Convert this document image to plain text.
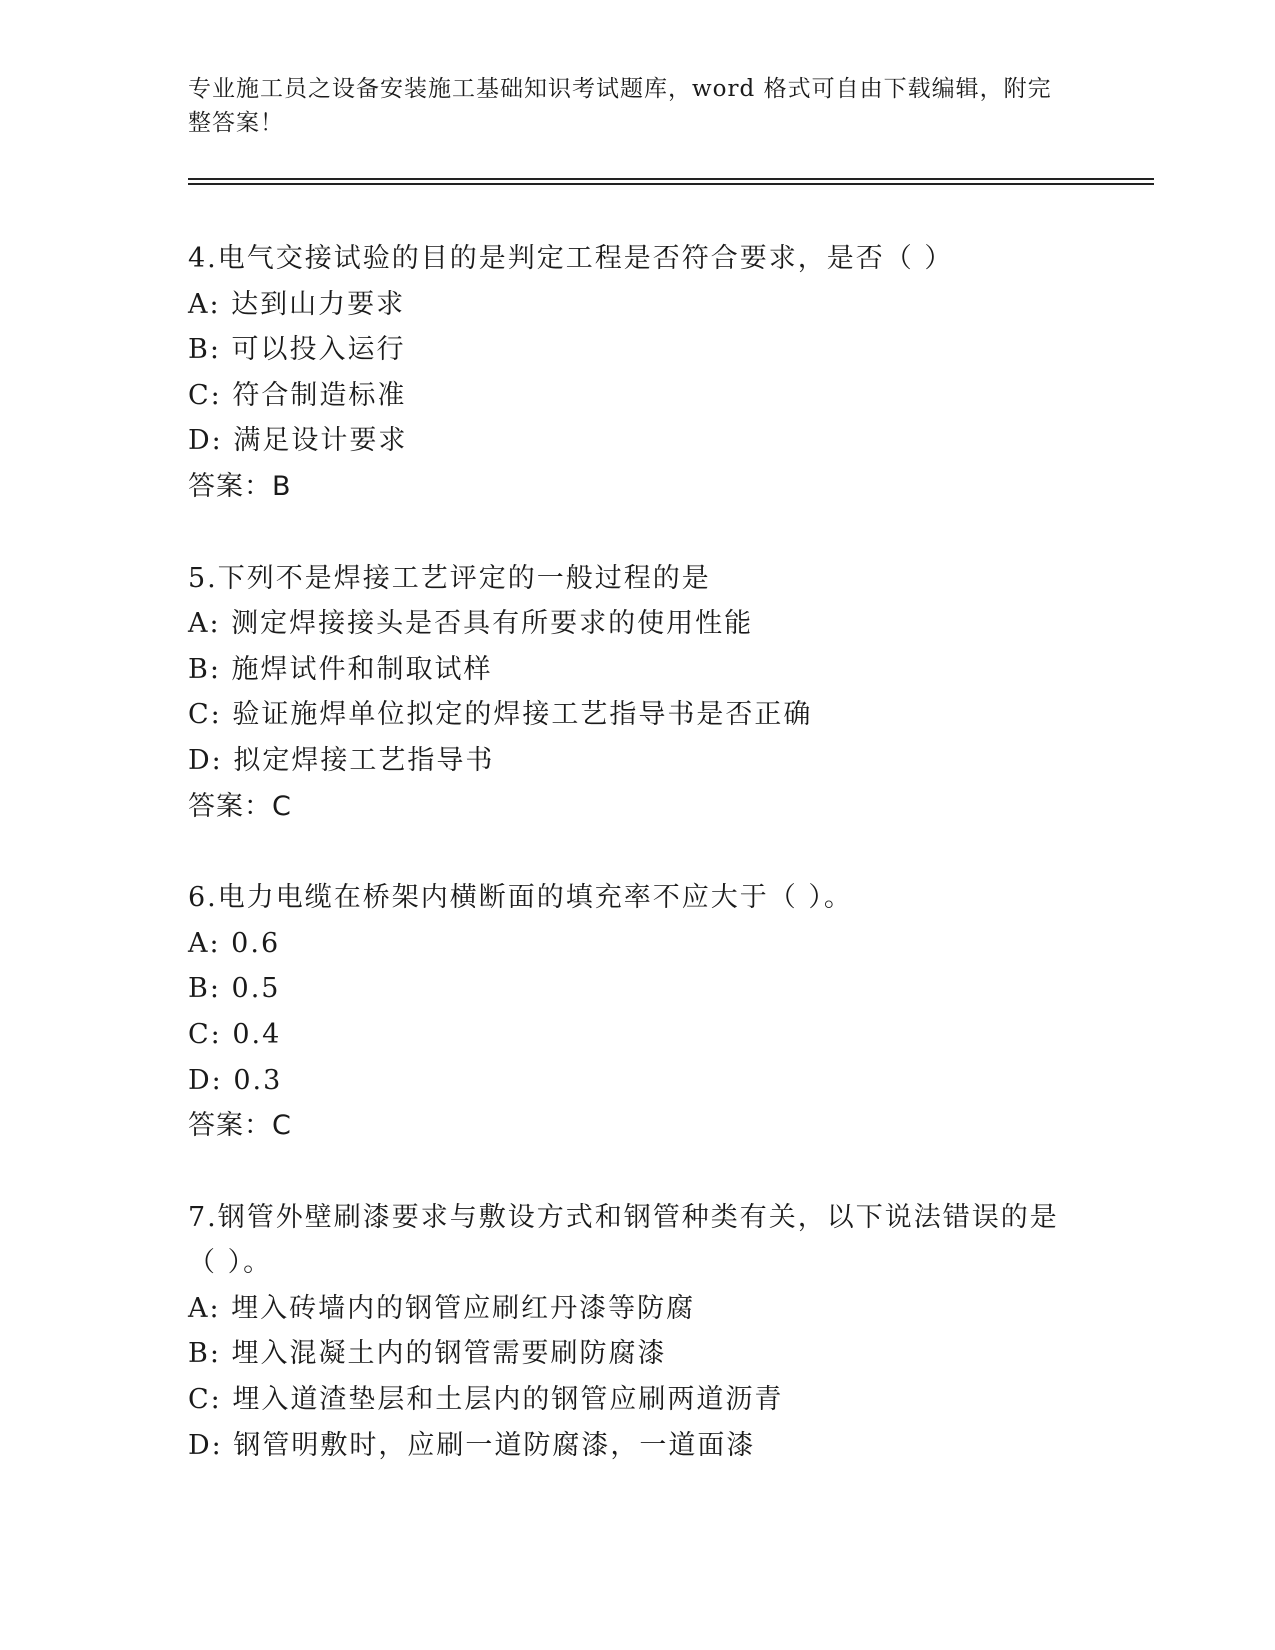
专业施工员之设备安装施工基础知识考试题库，word 格式可自由下载编辑，附完整答案！
4.电气交接试验的目的是判定工程是否符合要求，是否（ ）
A: 达到山力要求
B: 可以投入运行
C: 符合制造标准
D: 满足设计要求
答案：B
5.下列不是焊接工艺评定的一般过程的是
A: 测定焊接接头是否具有所要求的使用性能
B: 施焊试件和制取试样
C: 验证施焊单位拟定的焊接工艺指导书是否正确
D: 拟定焊接工艺指导书
答案：C
6.电力电缆在桥架内横断面的填充率不应大于（ ）。
A: 0.6
B: 0.5
C: 0.4
D: 0.3
答案：C
7.钢管外壁刷漆要求与敷设方式和钢管种类有关，以下说法错误的是（ ）。
A: 埋入砖墙内的钢管应刷红丹漆等防腐
B: 埋入混凝土内的钢管需要刷防腐漆
C: 埋入道渣垫层和土层内的钢管应刷两道沥青
D: 钢管明敷时，应刷一道防腐漆，一道面漆
